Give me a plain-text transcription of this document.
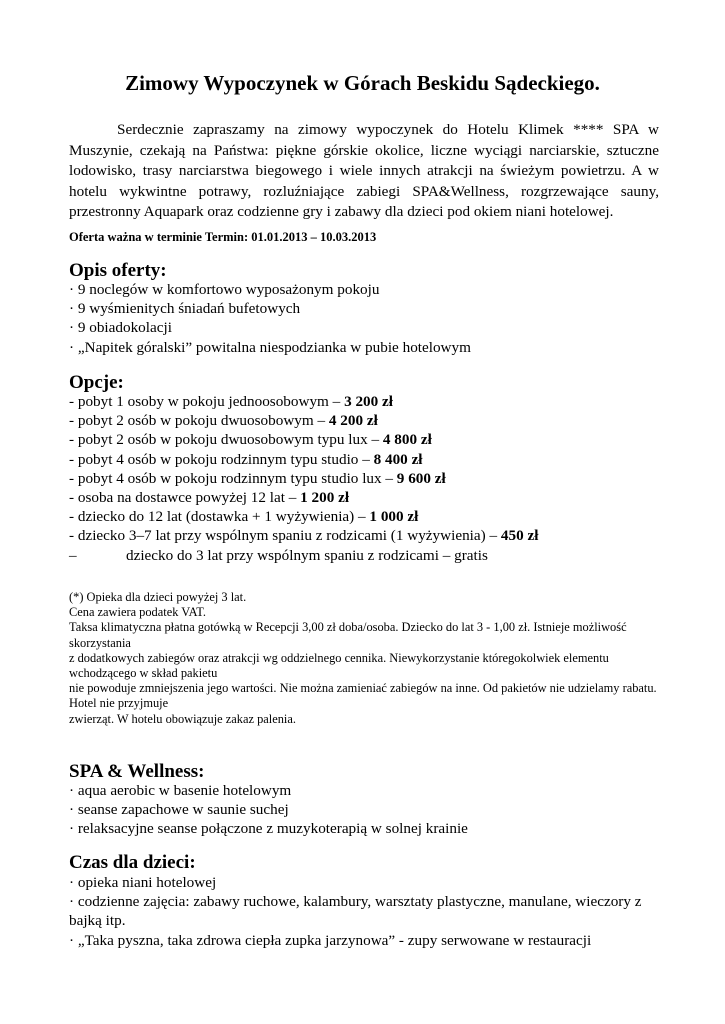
Zimowy Wypoczynek w Górach Beskidu Sądeckiego.
Serdecznie zapraszamy na zimowy wypoczynek do Hotelu Klimek **** SPA w Muszynie, czekają na Państwa: piękne górskie okolice, liczne wyciągi narciarskie, sztuczne lodowisko, trasy narciarstwa biegowego i wiele innych atrakcji na świeżym powietrzu. A w hotelu wykwintne potrawy, rozluźniające zabiegi SPA&Wellness, rozgrzewające sauny, przestronny Aquapark oraz codzienne gry i zabawy dla dzieci pod okiem niani hotelowej.
Oferta ważna w terminie Termin: 01.01.2013 – 10.03.2013
Opis oferty:
· 9 noclegów w komfortowo wyposażonym pokoju
· 9 wyśmienitych śniadań bufetowych
· 9 obiadokolacji
· „Napitek góralski” powitalna niespodzianka w pubie hotelowym
Opcje:
- pobyt 1 osoby w pokoju jednoosobowym – 3 200 zł
- pobyt 2 osób w pokoju dwuosobowym – 4 200 zł
- pobyt 2 osób w pokoju dwuosobowym typu lux – 4 800 zł
- pobyt 4 osób w pokoju rodzinnym typu studio – 8 400 zł
- pobyt 4 osób w pokoju rodzinnym typu studio lux – 9 600 zł
- osoba na dostawce powyżej 12 lat – 1 200 zł
- dziecko do 12 lat (dostawka + 1 wyżywienia) – 1 000 zł
- dziecko 3–7 lat przy wspólnym spaniu z rodzicami (1 wyżywienia) – 450 zł
–	dziecko do 3 lat przy wspólnym spaniu z rodzicami – gratis
(*) Opieka dla dzieci powyżej 3 lat.
Cena zawiera podatek VAT.
Taksa klimatyczna płatna gotówką w Recepcji 3,00 zł doba/osoba. Dziecko do lat 3 - 1,00 zł. Istnieje możliwość skorzystania
z dodatkowych zabiegów oraz atrakcji wg oddzielnego cennika. Niewykorzystanie któregokolwiek elementu wchodzącego w skład pakietu
nie powoduje zmniejszenia jego wartości. Nie można zamieniać zabiegów na inne. Od pakietów nie udzielamy rabatu. Hotel nie przyjmuje
zwierząt. W hotelu obowiązuje zakaz palenia.
SPA & Wellness:
· aqua aerobic w basenie hotelowym
· seanse zapachowe w saunie suchej
· relaksacyjne seanse połączone z muzykoterapią w solnej krainie
Czas dla dzieci:
· opieka niani hotelowej
· codzienne zajęcia: zabawy ruchowe, kalambury, warsztaty plastyczne, manulane, wieczory z bajką itp.
· „Taka pyszna, taka zdrowa ciepła zupka jarzynowa” - zupy serwowane w restauracji
